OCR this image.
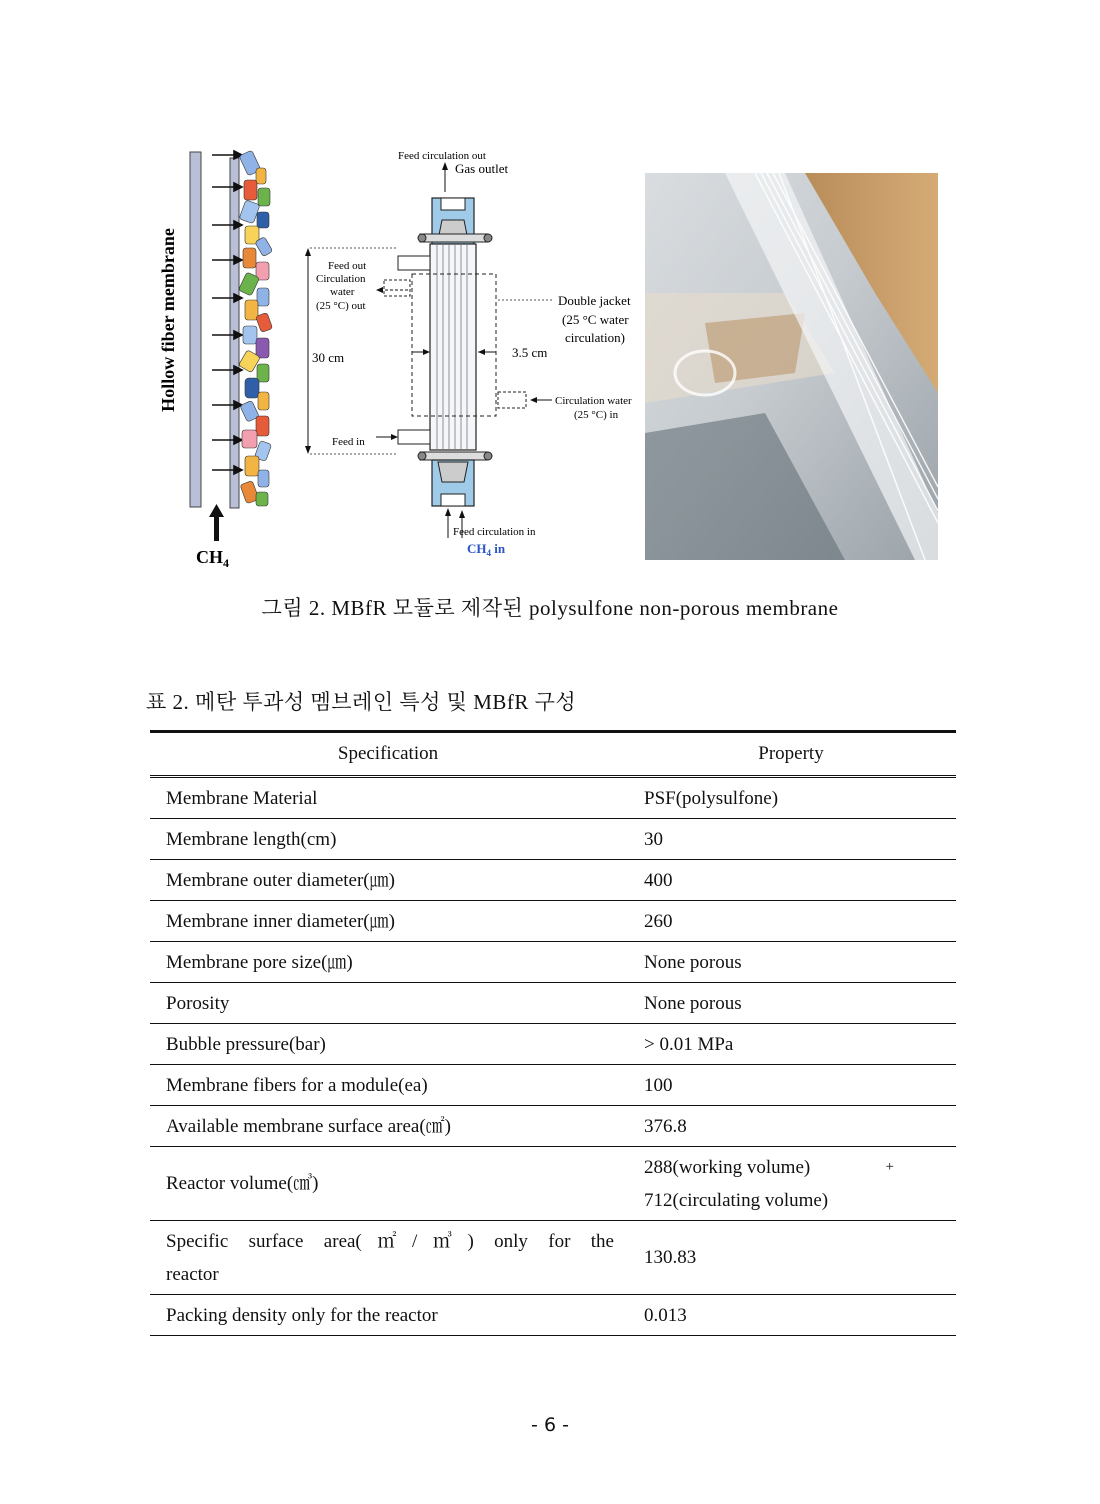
Hollow fiber membrane
$CH_4$
Feed circulation out
Gas outlet
Feed out
Circulation
water
(25 °C) out
30 cm	3.5 cm
Double jacket
(25 °C water
circulation)
Circulation water
(25 °C) in
Feed in
Feed circulation in
$CH_4$ in
그림 2. MBfR 모듈로 제작된 polysulfone non-porous membrane
표 2. 메탄 투과성 멤브레인 특성 및 MBfR 구성
Specification	Property
Membrane Material	PSF(polysulfone)
Membrane length(cm)	30
Membrane outer diameter(㎛)	400
Membrane inner diameter(㎛)	260
Membrane pore size(㎛)	None porous
Porosity	None porous
Bubble pressure(bar)	> 0.01 MPa
Membrane fibers for a module(ea)	100
Available membrane surface area(㎠)	376.8
Reactor volume(㎤)	288(working volume) +
712(circulating volume)

Specific surface area(㎡/㎥) only for the
reactor	130.83
Packing density only for the reactor	0.013
- 6 -
